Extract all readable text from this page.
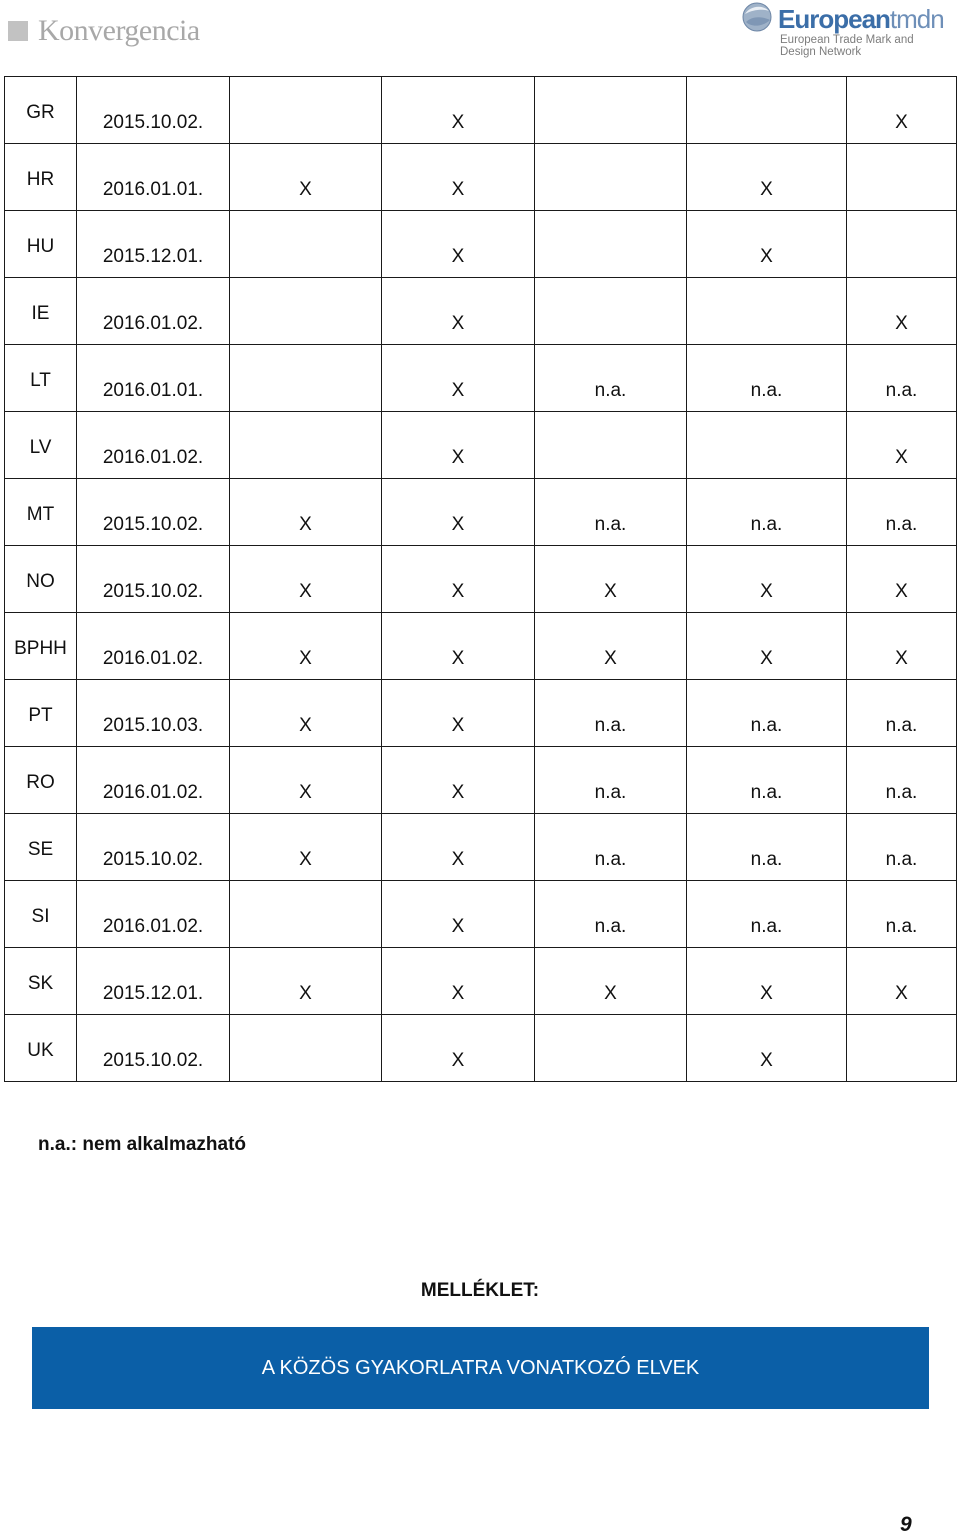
Konvergencia	Europeantmdn
European Trade Mark and
Design Network
GR	2015.10.02.		X			X
HR	2016.01.01.	X	X		X	
HU	2015.12.01.		X		X	
IE	2016.01.02.		X			X
LT	2016.01.01.		X	n.a.	n.a.	n.a.
LV	2016.01.02.		X			X
MT	2015.10.02.	X	X	n.a.	n.a.	n.a.
NO	2015.10.02.	X	X	X	X	X
BPHH	2016.01.02.	X	X	X	X	X
PT	2015.10.03.	X	X	n.a.	n.a.	n.a.
RO	2016.01.02.	X	X	n.a.	n.a.	n.a.
SE	2015.10.02.	X	X	n.a.	n.a.	n.a.
SI	2016.01.02.		X	n.a.	n.a.	n.a.
SK	2015.12.01.	X	X	X	X	X
UK	2015.10.02.		X		X	
n.a.: nem alkalmazható
MELLÉKLET:
A KÖZÖS GYAKORLATRA VONATKOZÓ ELVEK
9
